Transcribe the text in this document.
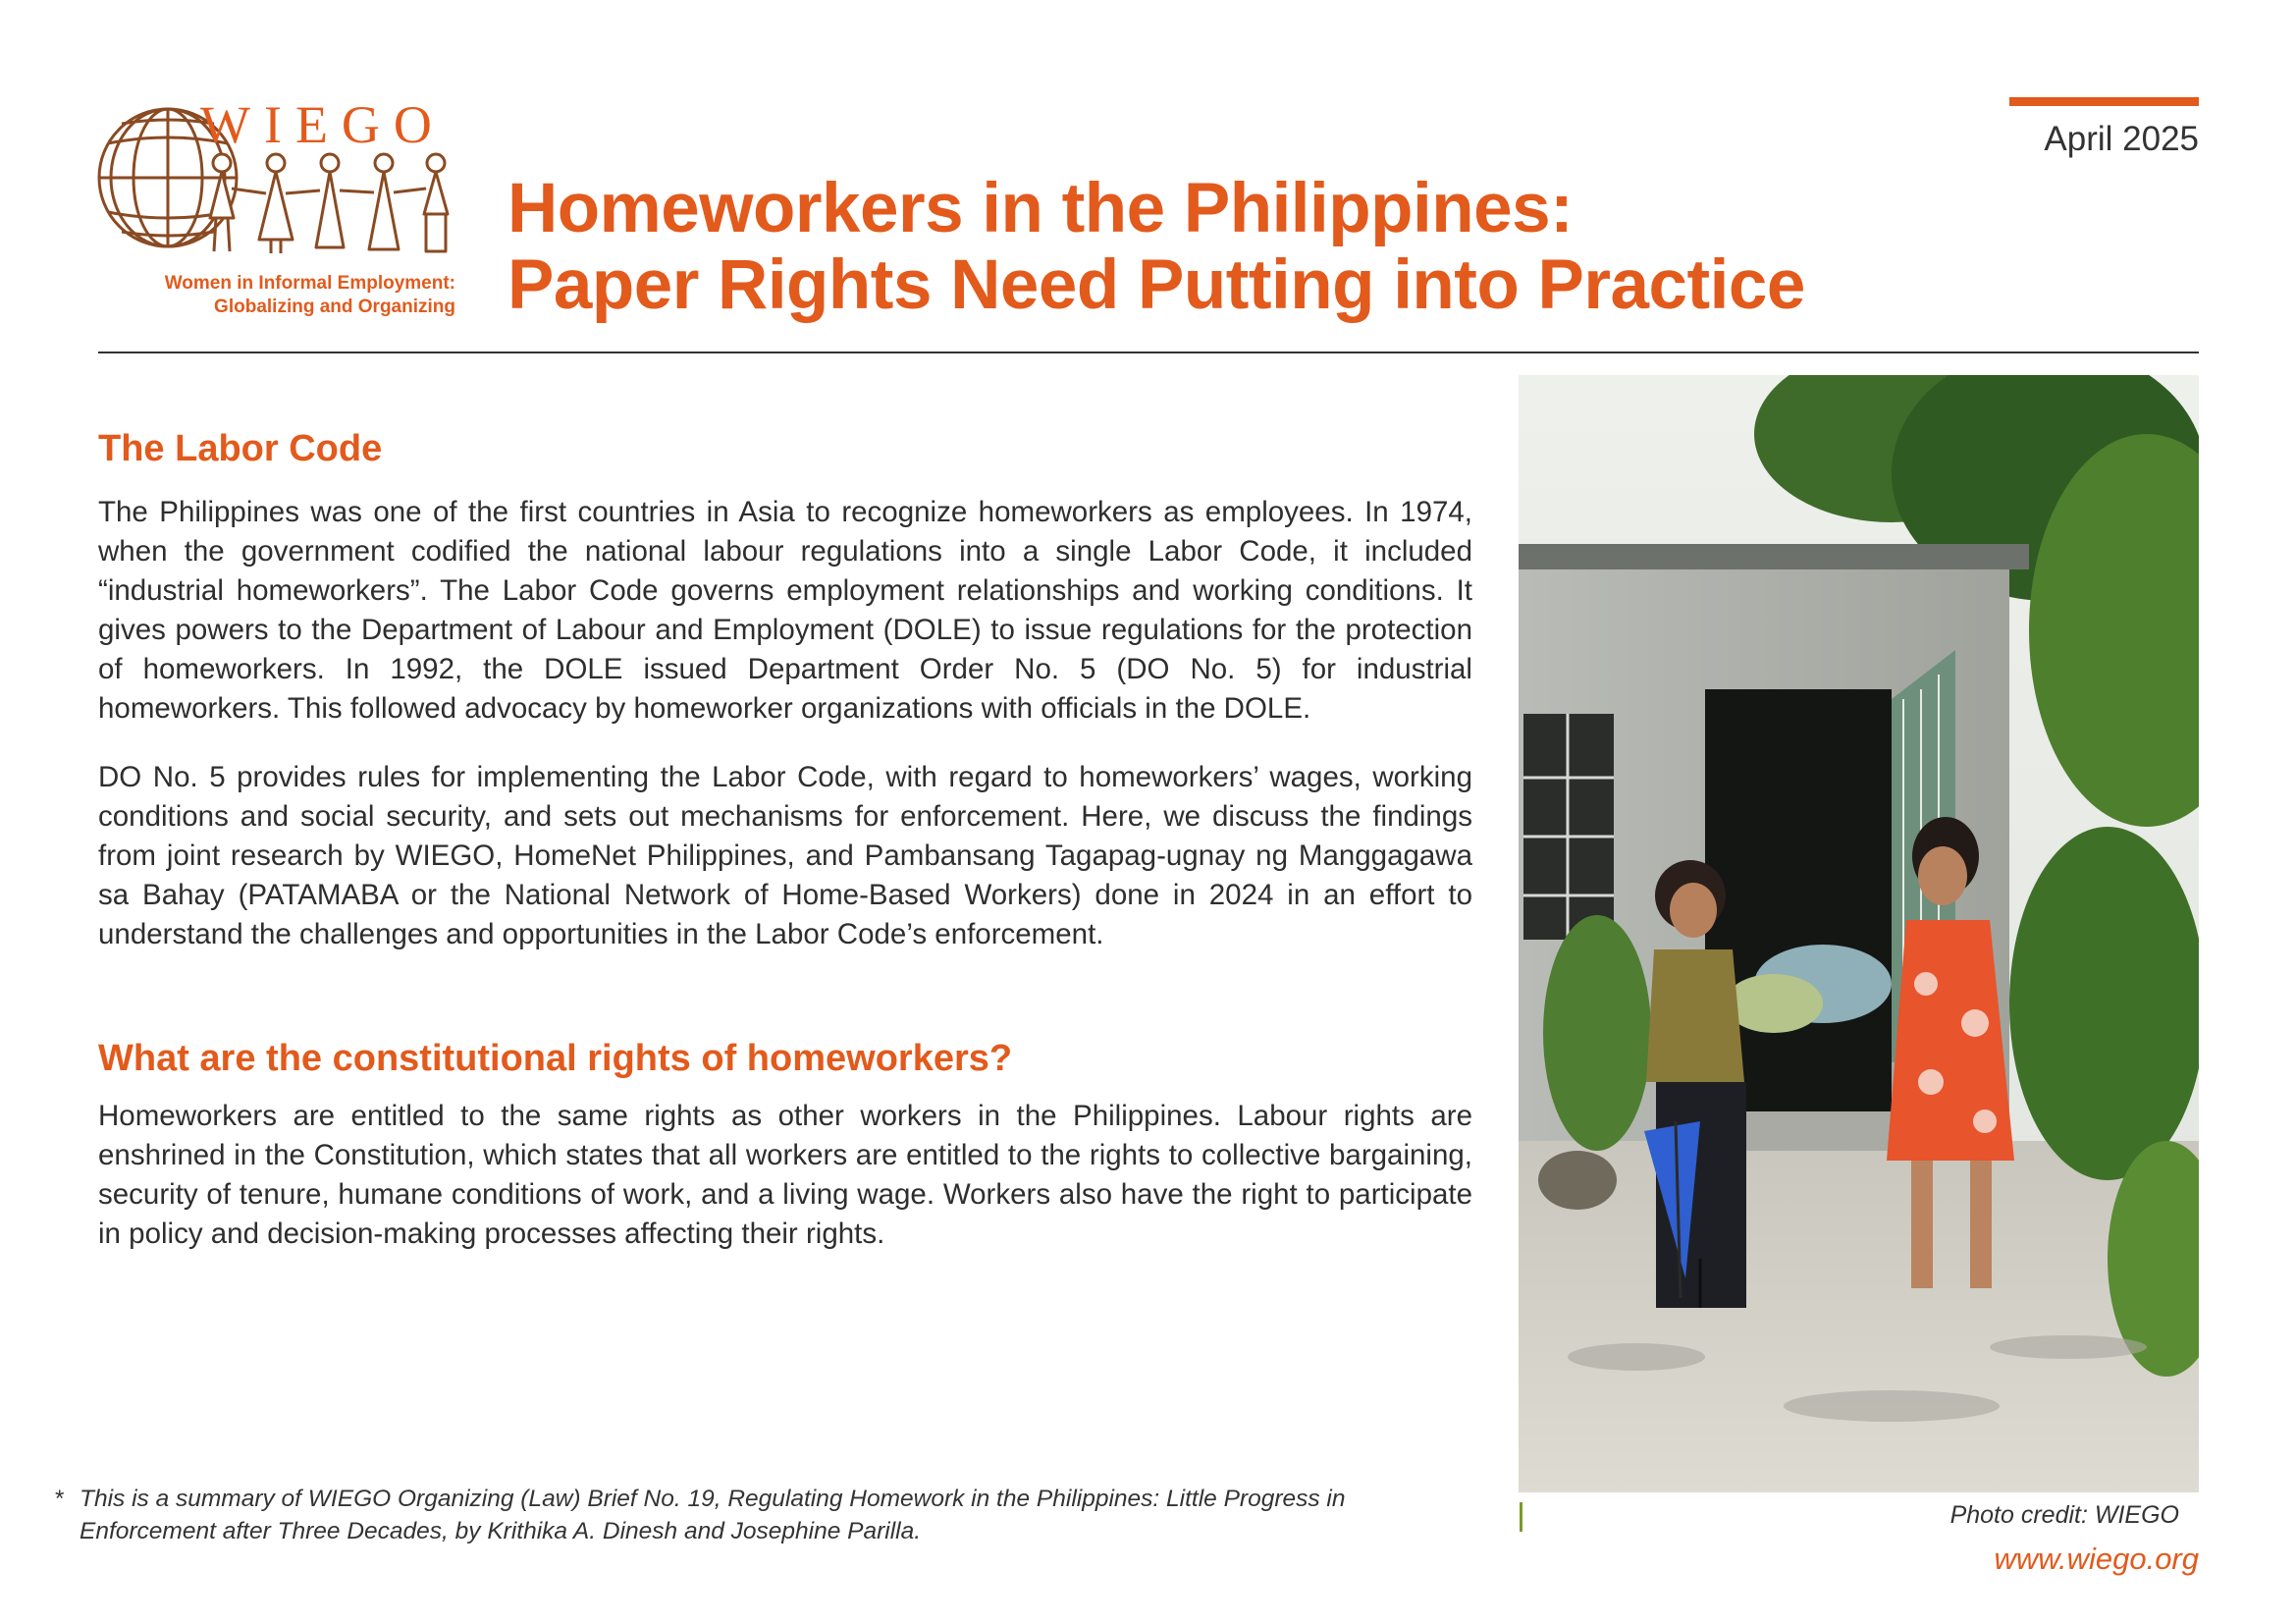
WIEGO
Women in Informal Employment:
Globalizing and Organizing
April 2025
Homeworkers in the Philippines:
Paper Rights Need Putting into Practice
The Labor Code
The Philippines was one of the first countries in Asia to recognize homeworkers as employees. In 1974, when the government codified the national labour regulations into a single Labor Code, it included “industrial homeworkers”. The Labor Code governs employment relationships and working conditions. It gives powers to the Department of Labour and Employment (DOLE) to issue regulations for the protection of homeworkers. In 1992, the DOLE issued Department Order No. 5 (DO No. 5) for industrial homeworkers. This followed advocacy by homeworker organizations with officials in the DOLE.
DO No. 5 provides rules for implementing the Labor Code, with regard to homeworkers’ wages, working conditions and social security, and sets out mechanisms for enforcement. Here, we discuss the findings from joint research by WIEGO, HomeNet Philippines, and Pambansang Tagapag-ugnay ng Manggagawa sa Bahay (PATAMABA or the National Network of Home-Based Workers) done in 2024 in an effort to understand the challenges and opportunities in the Labor Code’s enforcement.
What are the constitutional rights of homeworkers?
Homeworkers are entitled to the same rights as other workers in the Philippines. Labour rights are enshrined in the Constitution, which states that all workers are entitled to the rights to collective bargaining, security of tenure, humane conditions of work, and a living wage. Workers also have the right to participate in policy and decision-making processes affecting their rights.
* This is a summary of WIEGO Organizing (Law) Brief No. 19, Regulating Homework in the Philippines: Little Progress in
Enforcement after Three Decades, by Krithika A. Dinesh and Josephine Parilla.
Photo credit: WIEGO
www.wiego.org
